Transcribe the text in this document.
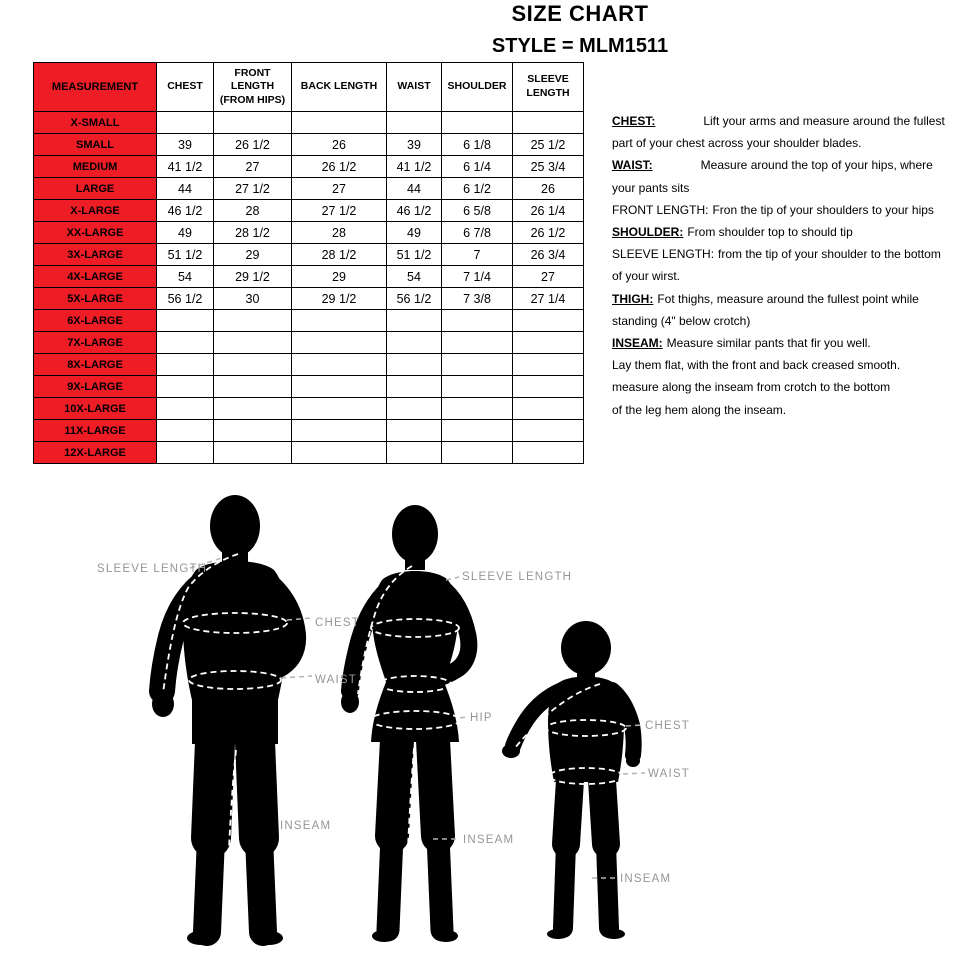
SIZE CHART
STYLE = MLM1511
MEASUREMENT	CHEST	FRONT LENGTH (FROM HIPS)	BACK LENGTH	WAIST	SHOULDER	SLEEVE LENGTH
X-SMALL						
SMALL	39	26 1/2	26	39	6 1/8	25 1/2
MEDIUM	41 1/2	27	26 1/2	41 1/2	6 1/4	25 3/4
LARGE	44	27 1/2	27	44	6 1/2	26
X-LARGE	46 1/2	28	27 1/2	46 1/2	6 5/8	26 1/4
XX-LARGE	49	28 1/2	28	49	6 7/8	26 1/2
3X-LARGE	51 1/2	29	28 1/2	51 1/2	7	26 3/4
4X-LARGE	54	29 1/2	29	54	7 1/4	27
5X-LARGE	56 1/2	30	29 1/2	56 1/2	7 3/8	27 1/4
6X-LARGE						
7X-LARGE						
8X-LARGE						
9X-LARGE						
10X-LARGE						
11X-LARGE						
12X-LARGE						
CHEST:	Lift your arms and measure around the fullest
part of your chest across your shoulder blades.
WAIST:	Measure around the top of your hips, where
your pants sits
FRONT LENGTH: Fron the tip of your shoulders to your hips
SHOULDER: From shoulder top to should tip
SLEEVE LENGTH: from the tip of your shoulder to the bottom
of your wirst.
THIGH: Fot thighs, measure around the fullest point while
standing (4" below crotch)
INSEAM: Measure similar pants that fir you well.
Lay them flat, with the front and back creased smooth.
measure along the inseam from crotch to the bottom
of the leg hem along the inseam.
SLEEVE LENGTH
CHEST
WAIST
INSEAM
SLEEVE LENGTH
HIP
INSEAM
CHEST
WAIST
INSEAM
